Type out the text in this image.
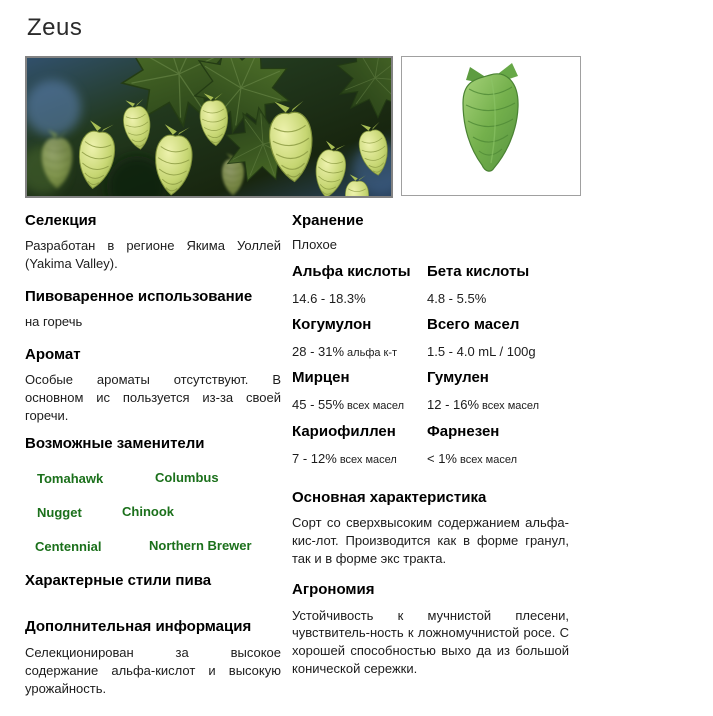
Zeus
Селекция

Разработан в регионе Якима Уоллей (Yakima Valley).

Пивоваренное использование

на горечь

Аромат

Особые ароматы отсутствуют. В основном ис пользуется из-за своей горечи.

Возможные заменители
Tomahawk	Columbus
Nugget	Chinook
Centennial	Northern Brewer
Характерные стили пива
Дополнительная информация

Селекционирован за высокое содержание альфа-кислот и высокую урожайность.

Хранение

Плохое

Альфа кислоты

14.6 - 18.3%

Бета кислоты

4.8 - 5.5%

Когумулон

28 - 31% альфа к-т

Всего масел

1.5 - 4.0 mL / 100g

Мирцен

45 - 55% всех масел

Гумулен

12 - 16% всех масел

Кариофиллен

7 - 12% всех масел

Фарнезен

< 1% всех масел

Основная характеристика

Сорт со сверхвысоким содержанием альфа-кис-лот. Производится как в форме гранул, так и в форме экс тракта.

Агрономия

Устойчивость к мучнистой плесени, чувствитель-ность к ложномучнистой росе. С хорошей способностью выхо да из большой конической сережки.
